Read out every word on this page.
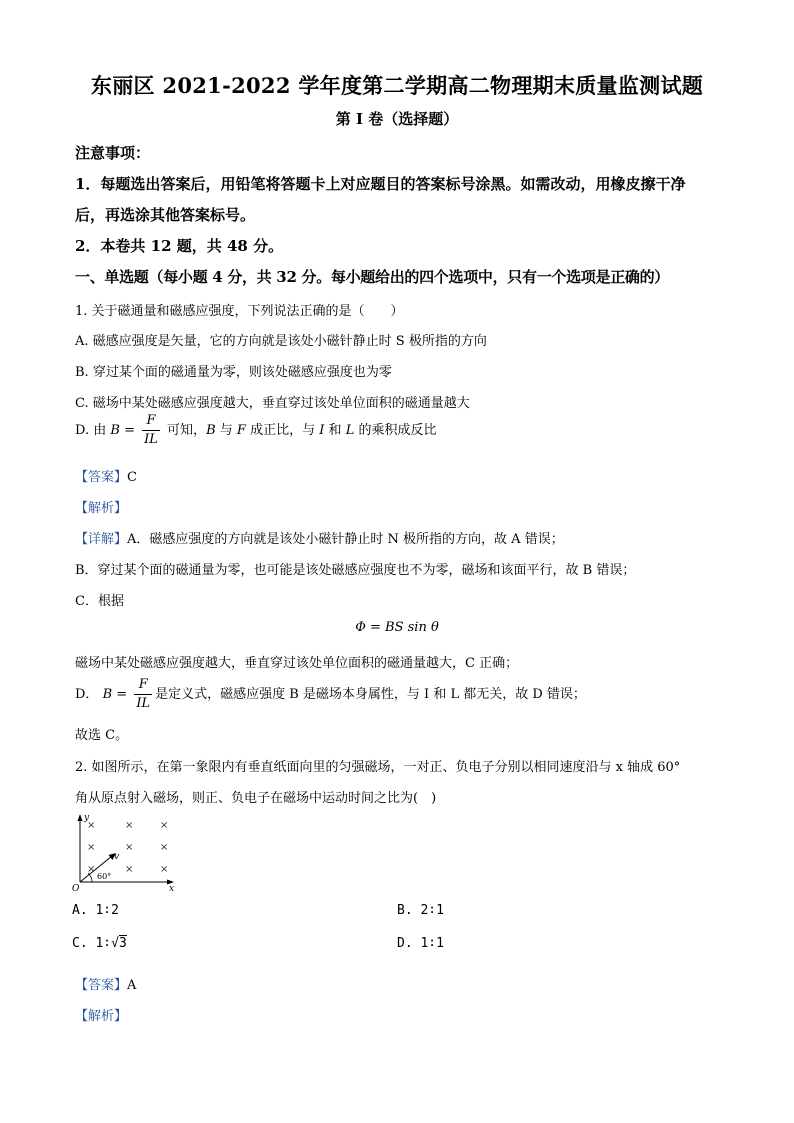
东丽区 2021-2022 学年度第二学期高二物理期末质量监测试题
第 I 卷（选择题）
注意事项：
1．每题选出答案后，用铅笔将答题卡上对应题目的答案标号涂黑。如需改动，用橡皮擦干净
后，再选涂其他答案标号。
2．本卷共 12 题，共 48 分。
一、单选题（每小题 4 分，共 32 分。每小题给出的四个选项中，只有一个选项是正确的）
1. 关于磁通量和磁感应强度，下列说法正确的是（　　）
A. 磁感应强度是矢量，它的方向就是该处小磁针静止时 S 极所指的方向
B. 穿过某个面的磁通量为零，则该处磁感应强度也为零
C. 磁场中某处磁感应强度越大，垂直穿过该处单位面积的磁通量越大
D. 由 $B = \frac{F}{IL}$ 可知，B 与 F 成正比，与 I 和 L 的乘积成反比
【答案】C
【解析】
【详解】A．磁感应强度的方向就是该处小磁针静止时 N 极所指的方向，故 A 错误；
B．穿过某个面的磁通量为零，也可能是该处磁感应强度也不为零，磁场和该面平行，故 B 错误；
C．根据
Φ = BS sin θ
磁场中某处磁感应强度越大，垂直穿过该处单位面积的磁通量越大，C 正确；
D． $B = \frac{F}{IL}$ 是定义式，磁感应强度 B 是磁场本身属性，与 I 和 L 都无关，故 D 错误；
故选 C。
2. 如图所示，在第一象限内有垂直纸面向里的匀强磁场，一对正、负电子分别以相同速度沿与 x 轴成 60°
角从原点射入磁场，则正、负电子在磁场中运动时间之比为(　)
y
x
O
×	×	×
×	×	×
×	×	×
v
60°
A. 1∶2	B. 2∶1
C. 1∶√3	D. 1∶1
【答案】A
【解析】
